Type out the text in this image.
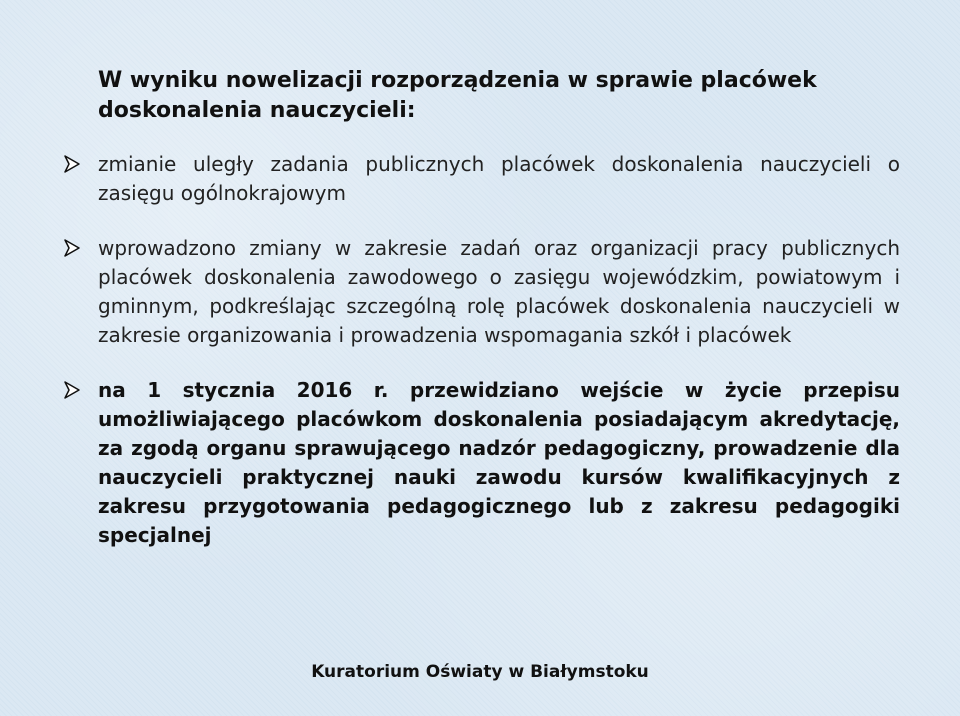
W wyniku nowelizacji rozporządzenia w sprawie placówek doskonalenia nauczycieli:
zmianie uległy zadania publicznych placówek doskonalenia nauczycieli o zasięgu ogólnokrajowym
wprowadzono zmiany w zakresie zadań oraz organizacji pracy publicznych placówek doskonalenia zawodowego o zasięgu wojewódzkim, powiatowym i gminnym, podkreślając szczególną rolę placówek doskonalenia nauczycieli w zakresie organizowania i prowadzenia wspomagania szkół i placówek
na 1 stycznia 2016 r. przewidziano wejście w życie przepisu umożliwiającego placówkom doskonalenia posiadającym akredytację, za zgodą organu sprawującego nadzór pedagogiczny, prowadzenie dla nauczycieli praktycznej nauki zawodu kursów kwalifikacyjnych z zakresu przygotowania pedagogicznego lub z zakresu pedagogiki specjalnej
Kuratorium Oświaty w Białymstoku
